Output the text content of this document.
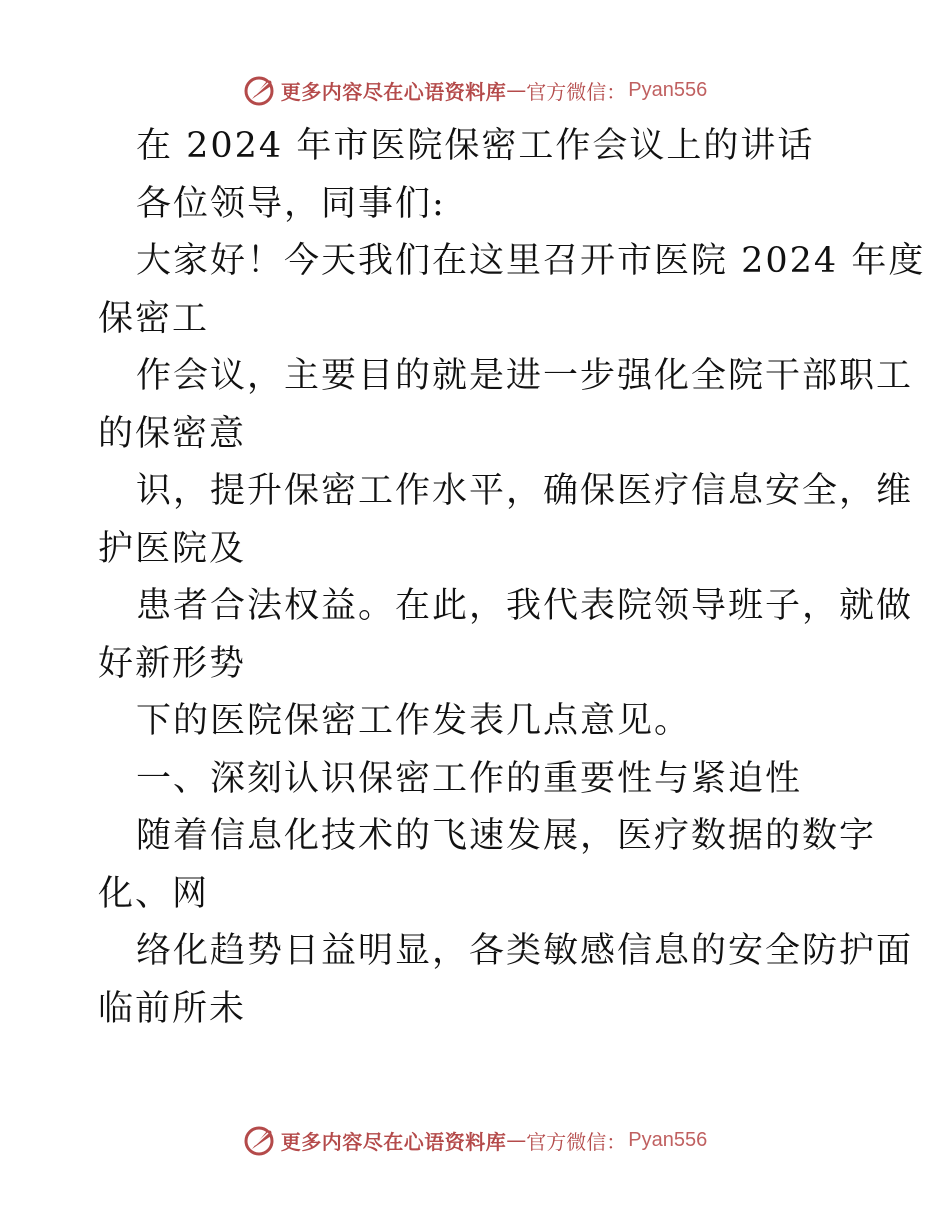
更多内容尽在心语资料库 — 官方微信： Pyan556
在 2024 年市医院保密工作会议上的讲话
各位领导，同事们:
大家好！今天我们在这里召开市医院 2024 年度
保密工
作会议，主要目的就是进一步强化全院干部职工
的保密意
识，提升保密工作水平，确保医疗信息安全，维
护医院及
患者合法权益。在此，我代表院领导班子，就做
好新形势
下的医院保密工作发表几点意见。
一、深刻认识保密工作的重要性与紧迫性
随着信息化技术的飞速发展，医疗数据的数字
化、网
络化趋势日益明显，各类敏感信息的安全防护面
临前所未
更多内容尽在心语资料库 — 官方微信： Pyan556
